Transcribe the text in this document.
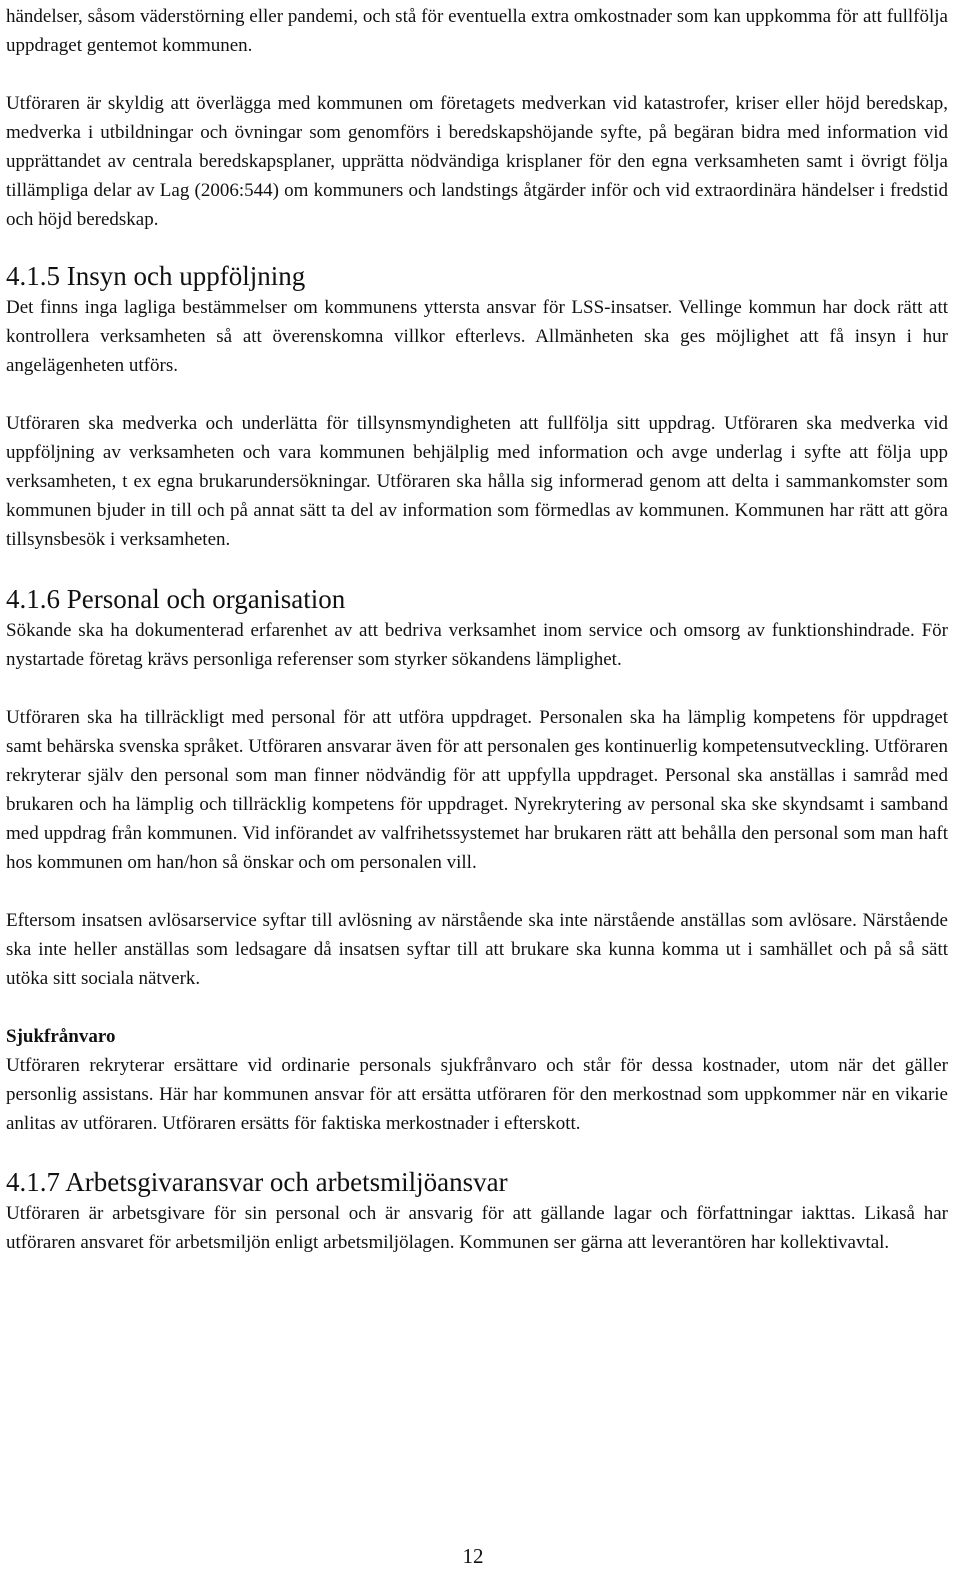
händelser, såsom väderstörning eller pandemi, och stå för eventuella extra omkostnader som kan uppkomma för att fullfölja uppdraget gentemot kommunen.

Utföraren är skyldig att överlägga med kommunen om företagets medverkan vid katastrofer, kriser eller höjd beredskap, medverka i utbildningar och övningar som genomförs i beredskapshöjande syfte, på begäran bidra med information vid upprättandet av centrala beredskapsplaner, upprätta nödvändiga krisplaner för den egna verksamheten samt i övrigt följa tillämpliga delar av Lag (2006:544) om kommuners och landstings åtgärder inför och vid extraordinära händelser i fredstid och höjd beredskap.

4.1.5 Insyn och uppföljning

Det finns inga lagliga bestämmelser om kommunens yttersta ansvar för LSS-insatser. Vellinge kommun har dock rätt att kontrollera verksamheten så att överenskomna villkor efterlevs. Allmänheten ska ges möjlighet att få insyn i hur angelägenheten utförs.

Utföraren ska medverka och underlätta för tillsynsmyndigheten att fullfölja sitt uppdrag. Utföraren ska medverka vid uppföljning av verksamheten och vara kommunen behjälplig med information och avge underlag i syfte att följa upp verksamheten, t ex egna brukarundersökningar. Utföraren ska hålla sig informerad genom att delta i sammankomster som kommunen bjuder in till och på annat sätt ta del av information som förmedlas av kommunen. Kommunen har rätt att göra tillsynsbesök i verksamheten.

4.1.6 Personal och organisation

Sökande ska ha dokumenterad erfarenhet av att bedriva verksamhet inom service och omsorg av funktionshindrade. För nystartade företag krävs personliga referenser som styrker sökandens lämplighet.

Utföraren ska ha tillräckligt med personal för att utföra uppdraget. Personalen ska ha lämplig kompetens för uppdraget samt behärska svenska språket. Utföraren ansvarar även för att personalen ges kontinuerlig kompetensutveckling. Utföraren rekryterar själv den personal som man finner nödvändig för att uppfylla uppdraget. Personal ska anställas i samråd med brukaren och ha lämplig och tillräcklig kompetens för uppdraget. Nyrekrytering av personal ska ske skyndsamt i samband med uppdrag från kommunen. Vid införandet av valfrihetssystemet har brukaren rätt att behålla den personal som man haft hos kommunen om han/hon så önskar och om personalen vill.

Eftersom insatsen avlösarservice syftar till avlösning av närstående ska inte närstående anställas som avlösare. Närstående ska inte heller anställas som ledsagare då insatsen syftar till att brukare ska kunna komma ut i samhället och på så sätt utöka sitt sociala nätverk.

Sjukfrånvaro

Utföraren rekryterar ersättare vid ordinarie personals sjukfrånvaro och står för dessa kostnader, utom när det gäller personlig assistans. Här har kommunen ansvar för att ersätta utföraren för den merkostnad som uppkommer när en vikarie anlitas av utföraren. Utföraren ersätts för faktiska merkostnader i efterskott.

4.1.7 Arbetsgivaransvar och arbetsmiljöansvar

Utföraren är arbetsgivare för sin personal och är ansvarig för att gällande lagar och författningar iakttas. Likaså har utföraren ansvaret för arbetsmiljön enligt arbetsmiljölagen. Kommunen ser gärna att leverantören har kollektivavtal.

12
